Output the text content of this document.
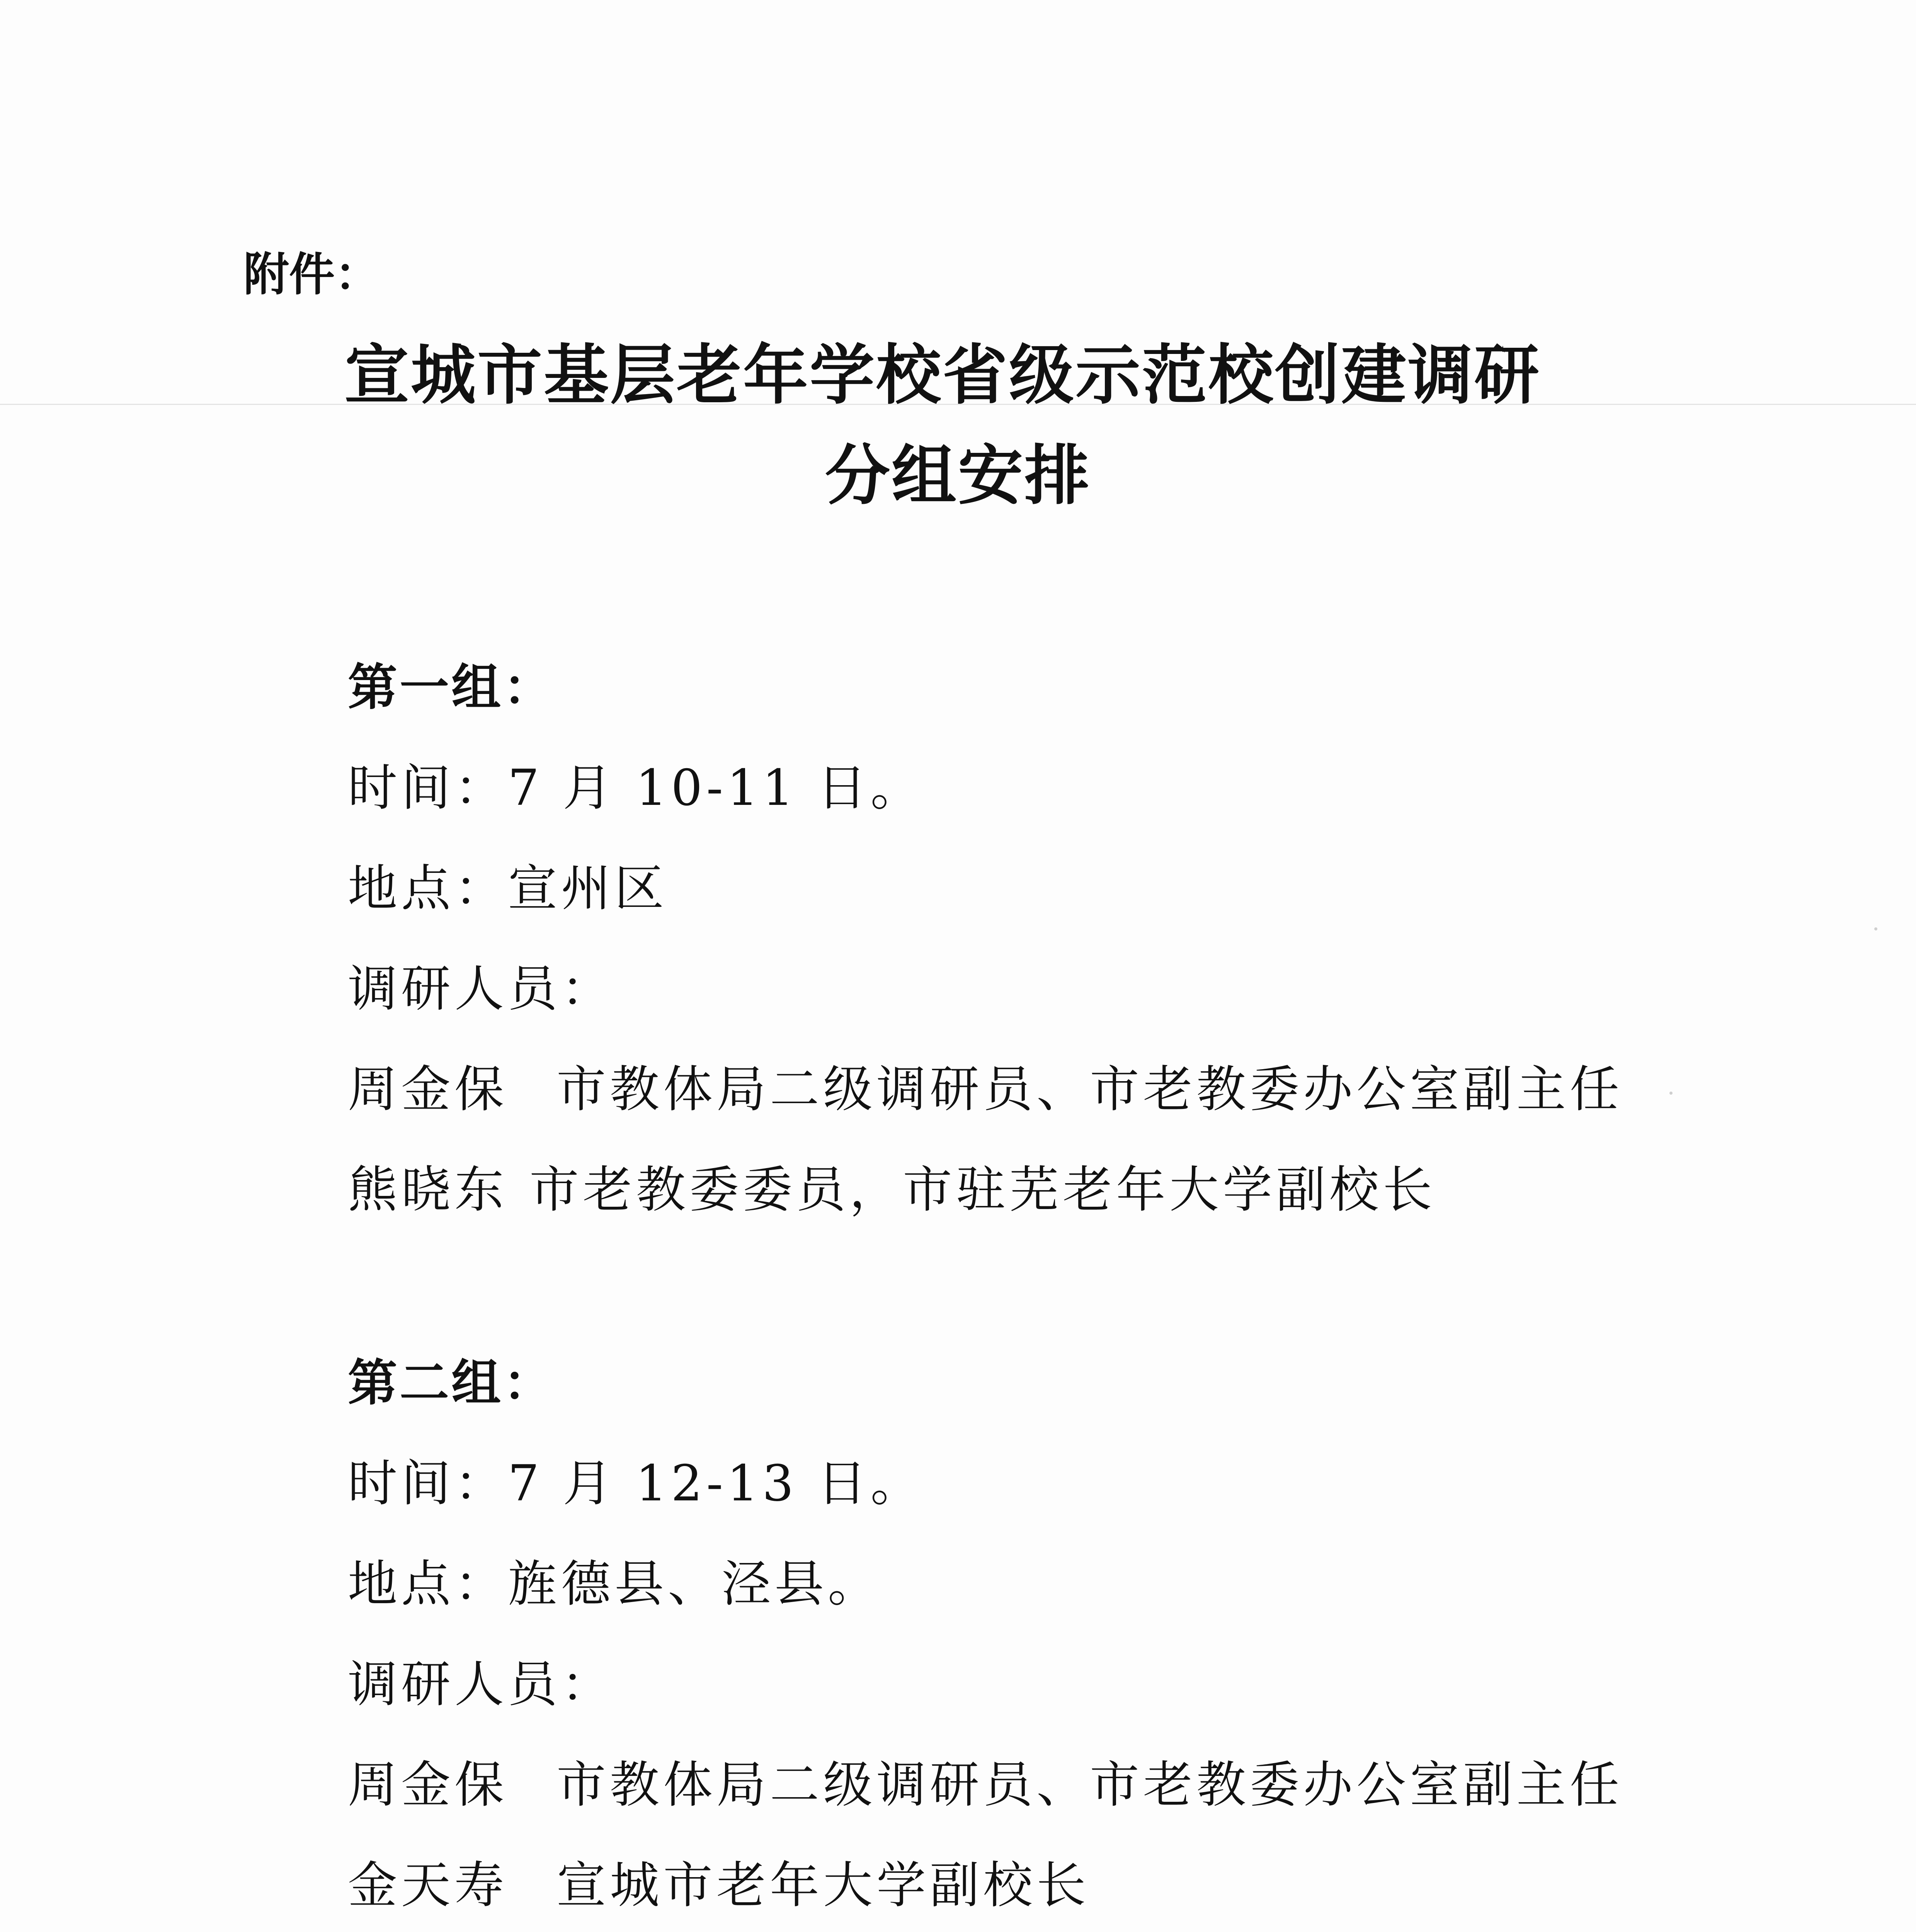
附件：
宣城市基层老年学校省级示范校创建调研
分组安排
第一组：
时间：7 月 10-11 日。
地点：宣州区
调研人员：
周金保 市教体局二级调研员、市老教委办公室副主任
熊晓东 市老教委委员，市驻芜老年大学副校长
第二组：
时间：7 月 12-13 日。
地点：旌德县、泾县。
调研人员：
周金保 市教体局二级调研员、市老教委办公室副主任
金天寿 宣城市老年大学副校长
